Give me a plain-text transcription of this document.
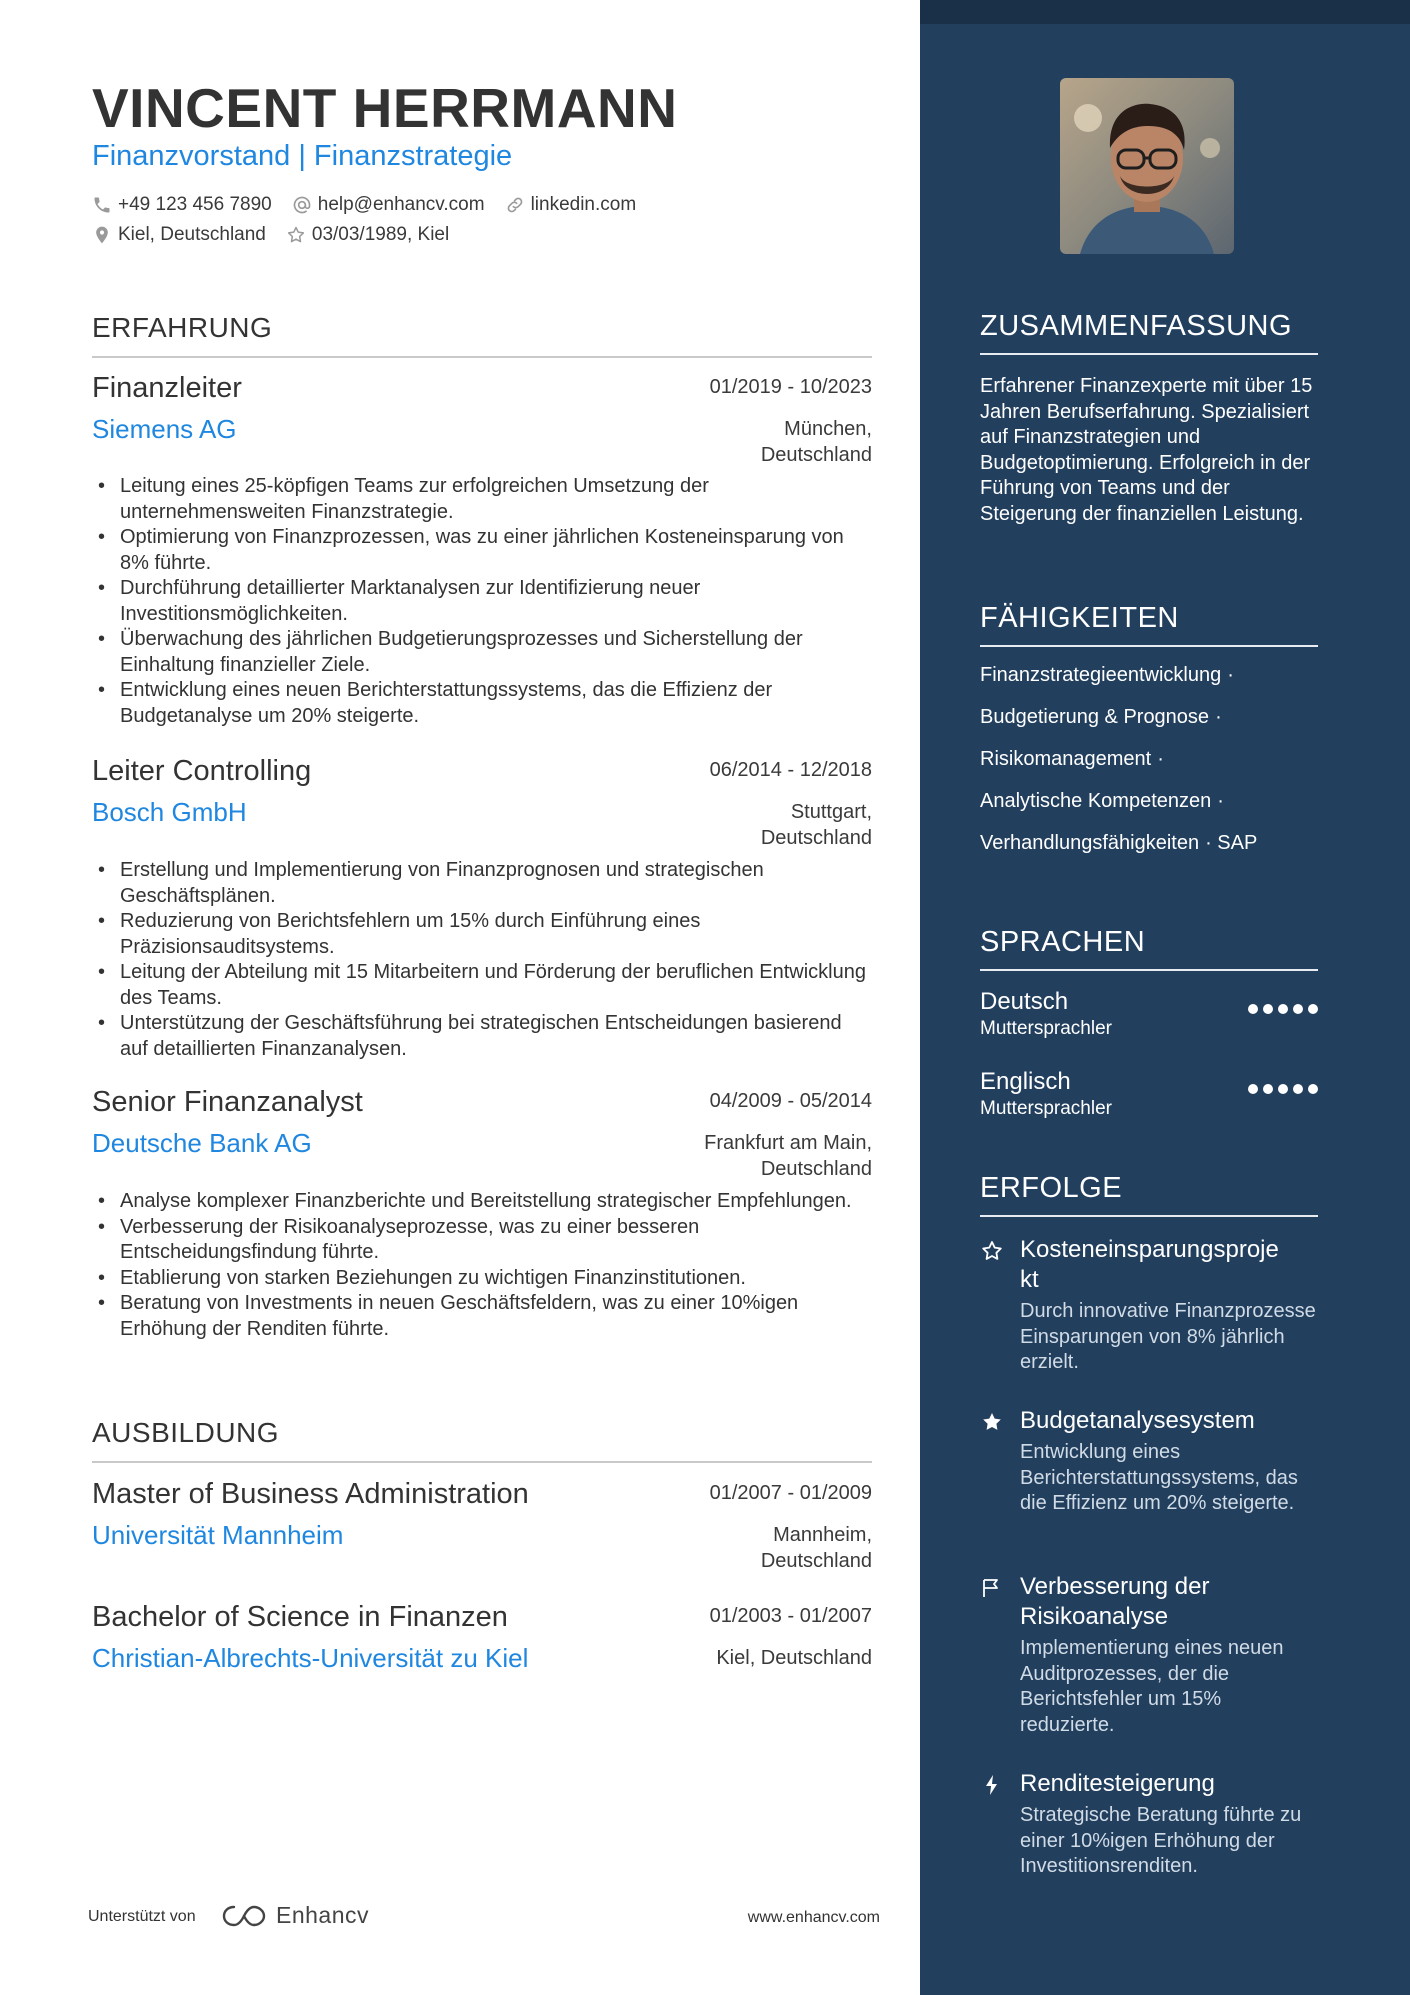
VINCENT HERRMANN
Finanzvorstand | Finanzstrategie
+49 123 456 7890 help@enhancv.com linkedin.com
Kiel, Deutschland 03/03/1989, Kiel
ERFAHRUNG
Finanzleiter	01/2019 - 10/2023
Siemens AG	München,
Deutschland
• Leitung eines 25-köpfigen Teams zur erfolgreichen Umsetzung der unternehmensweiten Finanzstrategie.
• Optimierung von Finanzprozessen, was zu einer jährlichen Kosteneinsparung von 8% führte.
• Durchführung detaillierter Marktanalysen zur Identifizierung neuer Investitionsmöglichkeiten.
• Überwachung des jährlichen Budgetierungsprozesses und Sicherstellung der Einhaltung finanzieller Ziele.
• Entwicklung eines neuen Berichterstattungssystems, das die Effizienz der Budgetanalyse um 20% steigerte.
Leiter Controlling	06/2014 - 12/2018
Bosch GmbH	Stuttgart,
Deutschland
• Erstellung und Implementierung von Finanzprognosen und strategischen Geschäftsplänen.
• Reduzierung von Berichtsfehlern um 15% durch Einführung eines Präzisionsauditsystems.
• Leitung der Abteilung mit 15 Mitarbeitern und Förderung der beruflichen Entwicklung des Teams.
• Unterstützung der Geschäftsführung bei strategischen Entscheidungen basierend auf detaillierten Finanzanalysen.
Senior Finanzanalyst	04/2009 - 05/2014
Deutsche Bank AG	Frankfurt am Main,
Deutschland
• Analyse komplexer Finanzberichte und Bereitstellung strategischer Empfehlungen.
• Verbesserung der Risikoanalyseprozesse, was zu einer besseren Entscheidungsfindung führte.
• Etablierung von starken Beziehungen zu wichtigen Finanzinstitutionen.
• Beratung von Investments in neuen Geschäftsfeldern, was zu einer 10%igen Erhöhung der Renditen führte.
AUSBILDUNG
Master of Business Administration	01/2007 - 01/2009
Universität Mannheim	Mannheim,
Deutschland
Bachelor of Science in Finanzen	01/2003 - 01/2007
Christian-Albrechts-Universität zu Kiel	Kiel, Deutschland
Unterstützt von	Enhancv	www.enhancv.com
ZUSAMMENFASSUNG
Erfahrener Finanzexperte mit über 15 Jahren Berufserfahrung. Spezialisiert auf Finanzstrategien und Budgetoptimierung. Erfolgreich in der Führung von Teams und der Steigerung der finanziellen Leistung.
FÄHIGKEITEN
Finanzstrategieentwicklung ·
Budgetierung & Prognose ·
Risikomanagement ·
Analytische Kompetenzen ·
Verhandlungsfähigkeiten · SAP
SPRACHEN
Deutsch
Muttersprachler
Englisch
Muttersprachler
ERFOLGE
Kosteneinsparungsproje
kt
Durch innovative Finanzprozesse Einsparungen von 8% jährlich erzielt.
Budgetanalysesystem
Entwicklung eines Berichterstattungssystems, das die Effizienz um 20% steigerte.
Verbesserung der Risikoanalyse
Implementierung eines neuen Auditprozesses, der die Berichtsfehler um 15% reduzierte.
Renditesteigerung
Strategische Beratung führte zu einer 10%igen Erhöhung der Investitionsrenditen.
